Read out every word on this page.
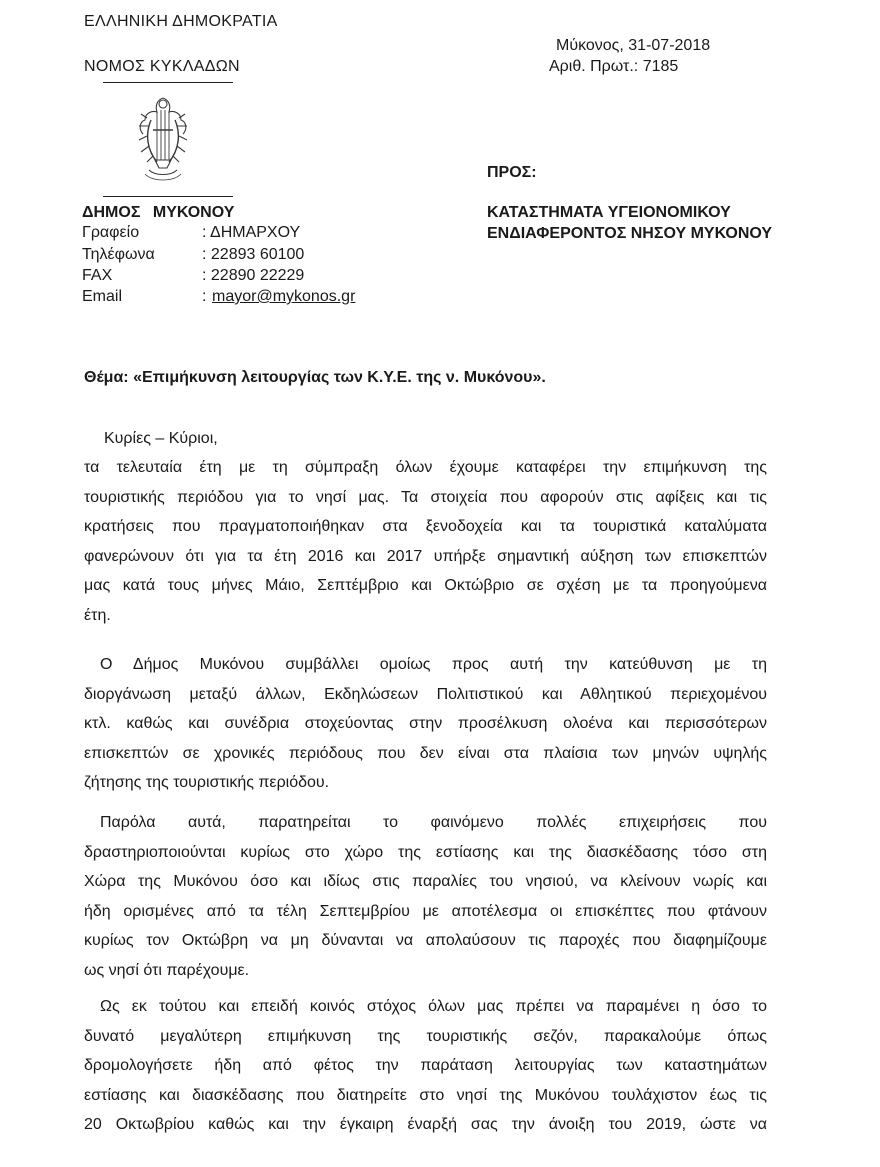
ΕΛΛΗΝΙΚΗ ΔΗΜΟΚΡΑΤΙΑ
ΝΟΜΟΣ ΚΥΚΛΑΔΩΝ
ΔΗΜΟΣ ΜΥΚΟΝΟΥ
Γραφείο	: ΔΗΜΑΡΧΟΥ
Τηλέφωνα	: 22893 60100
FAX	: 22890 22229
Email	: mayor@mykonos.gr
Μύκονος, 31-07-2018
Αριθ. Πρωτ.: 7185
ΠΡΟΣ:
ΚΑΤΑΣΤΗΜΑΤΑ ΥΓΕΙΟΝΟΜΙΚΟΥ
ΕΝΔΙΑΦΕΡΟΝΤΟΣ ΝΗΣΟΥ ΜΥΚΟΝΟΥ
Θέμα: «Επιμήκυνση λειτουργίας των Κ.Υ.Ε. της ν. Μυκόνου».
Κυρίες – Κύριοι,
τα τελευταία έτη με τη σύμπραξη όλων έχουμε καταφέρει την επιμήκυνση της
τουριστικής περιόδου για το νησί μας. Τα στοιχεία που αφορούν στις αφίξεις και τις
κρατήσεις που πραγματοποιήθηκαν στα ξενοδοχεία και τα τουριστικά καταλύματα
φανερώνουν ότι για τα έτη 2016 και 2017 υπήρξε σημαντική αύξηση των επισκεπτών
μας κατά τους μήνες Μάιο, Σεπτέμβριο και Οκτώβριο σε σχέση με τα προηγούμενα
έτη.
Ο Δήμος Μυκόνου συμβάλλει ομοίως προς αυτή την κατεύθυνση με τη
διοργάνωση μεταξύ άλλων, Εκδηλώσεων Πολιτιστικού και Αθλητικού περιεχομένου
κτλ. καθώς και συνέδρια στοχεύοντας στην προσέλκυση ολοένα και περισσότερων
επισκεπτών σε χρονικές περιόδους που δεν είναι στα πλαίσια των μηνών υψηλής
ζήτησης της τουριστικής περιόδου.
Παρόλα αυτά, παρατηρείται το φαινόμενο πολλές επιχειρήσεις που
δραστηριοποιούνται κυρίως στο χώρο της εστίασης και της διασκέδασης τόσο στη
Χώρα της Μυκόνου όσο και ιδίως στις παραλίες του νησιού, να κλείνουν νωρίς και
ήδη ορισμένες από τα τέλη Σεπτεμβρίου με αποτέλεσμα οι επισκέπτες που φτάνουν
κυρίως τον Οκτώβρη να μη δύνανται να απολαύσουν τις παροχές που διαφημίζουμε
ως νησί ότι παρέχουμε.
Ως εκ τούτου και επειδή κοινός στόχος όλων μας πρέπει να παραμένει η όσο το
δυνατό μεγαλύτερη επιμήκυνση της τουριστικής σεζόν, παρακαλούμε όπως
δρομολογήσετε ήδη από φέτος την παράταση λειτουργίας των καταστημάτων
εστίασης και διασκέδασης που διατηρείτε στο νησί της Μυκόνου τουλάχιστον έως τις
20 Οκτωβρίου καθώς και την έγκαιρη έναρξή σας την άνοιξη του 2019, ώστε να
